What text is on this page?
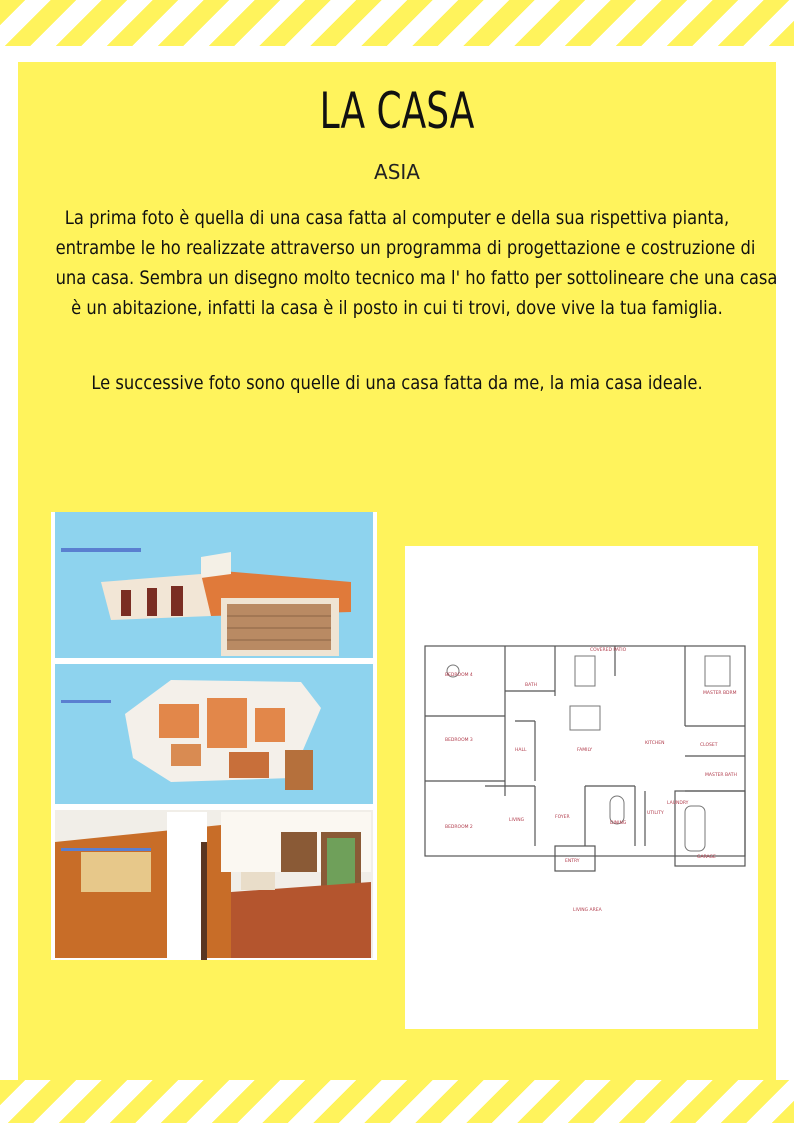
LA CASA
ASIA
La prima foto è quella di una casa fatta al computer e della sua rispettiva pianta,
entrambe le ho realizzate attraverso un programma di progettazione e costruzione di
una casa. Sembra un disegno molto tecnico ma l' ho fatto per sottolineare che una casa
è un abitazione, infatti la casa è il posto in cui ti trovi, dove vive la tua famiglia.
Le successive foto sono quelle di una casa fatta da me, la mia casa ideale.
BEDROOM 4
BATH
COVERED PATIO
MASTER BDRM
BEDROOM 3
HALL	FAMILY
KITCHEN	CLOSET
MASTER BATH
BEDROOM 2
LIVING
FOYER
DINING
UTILITY
LAUNDRY
GARAGE
ENTRY
LIVING AREA
